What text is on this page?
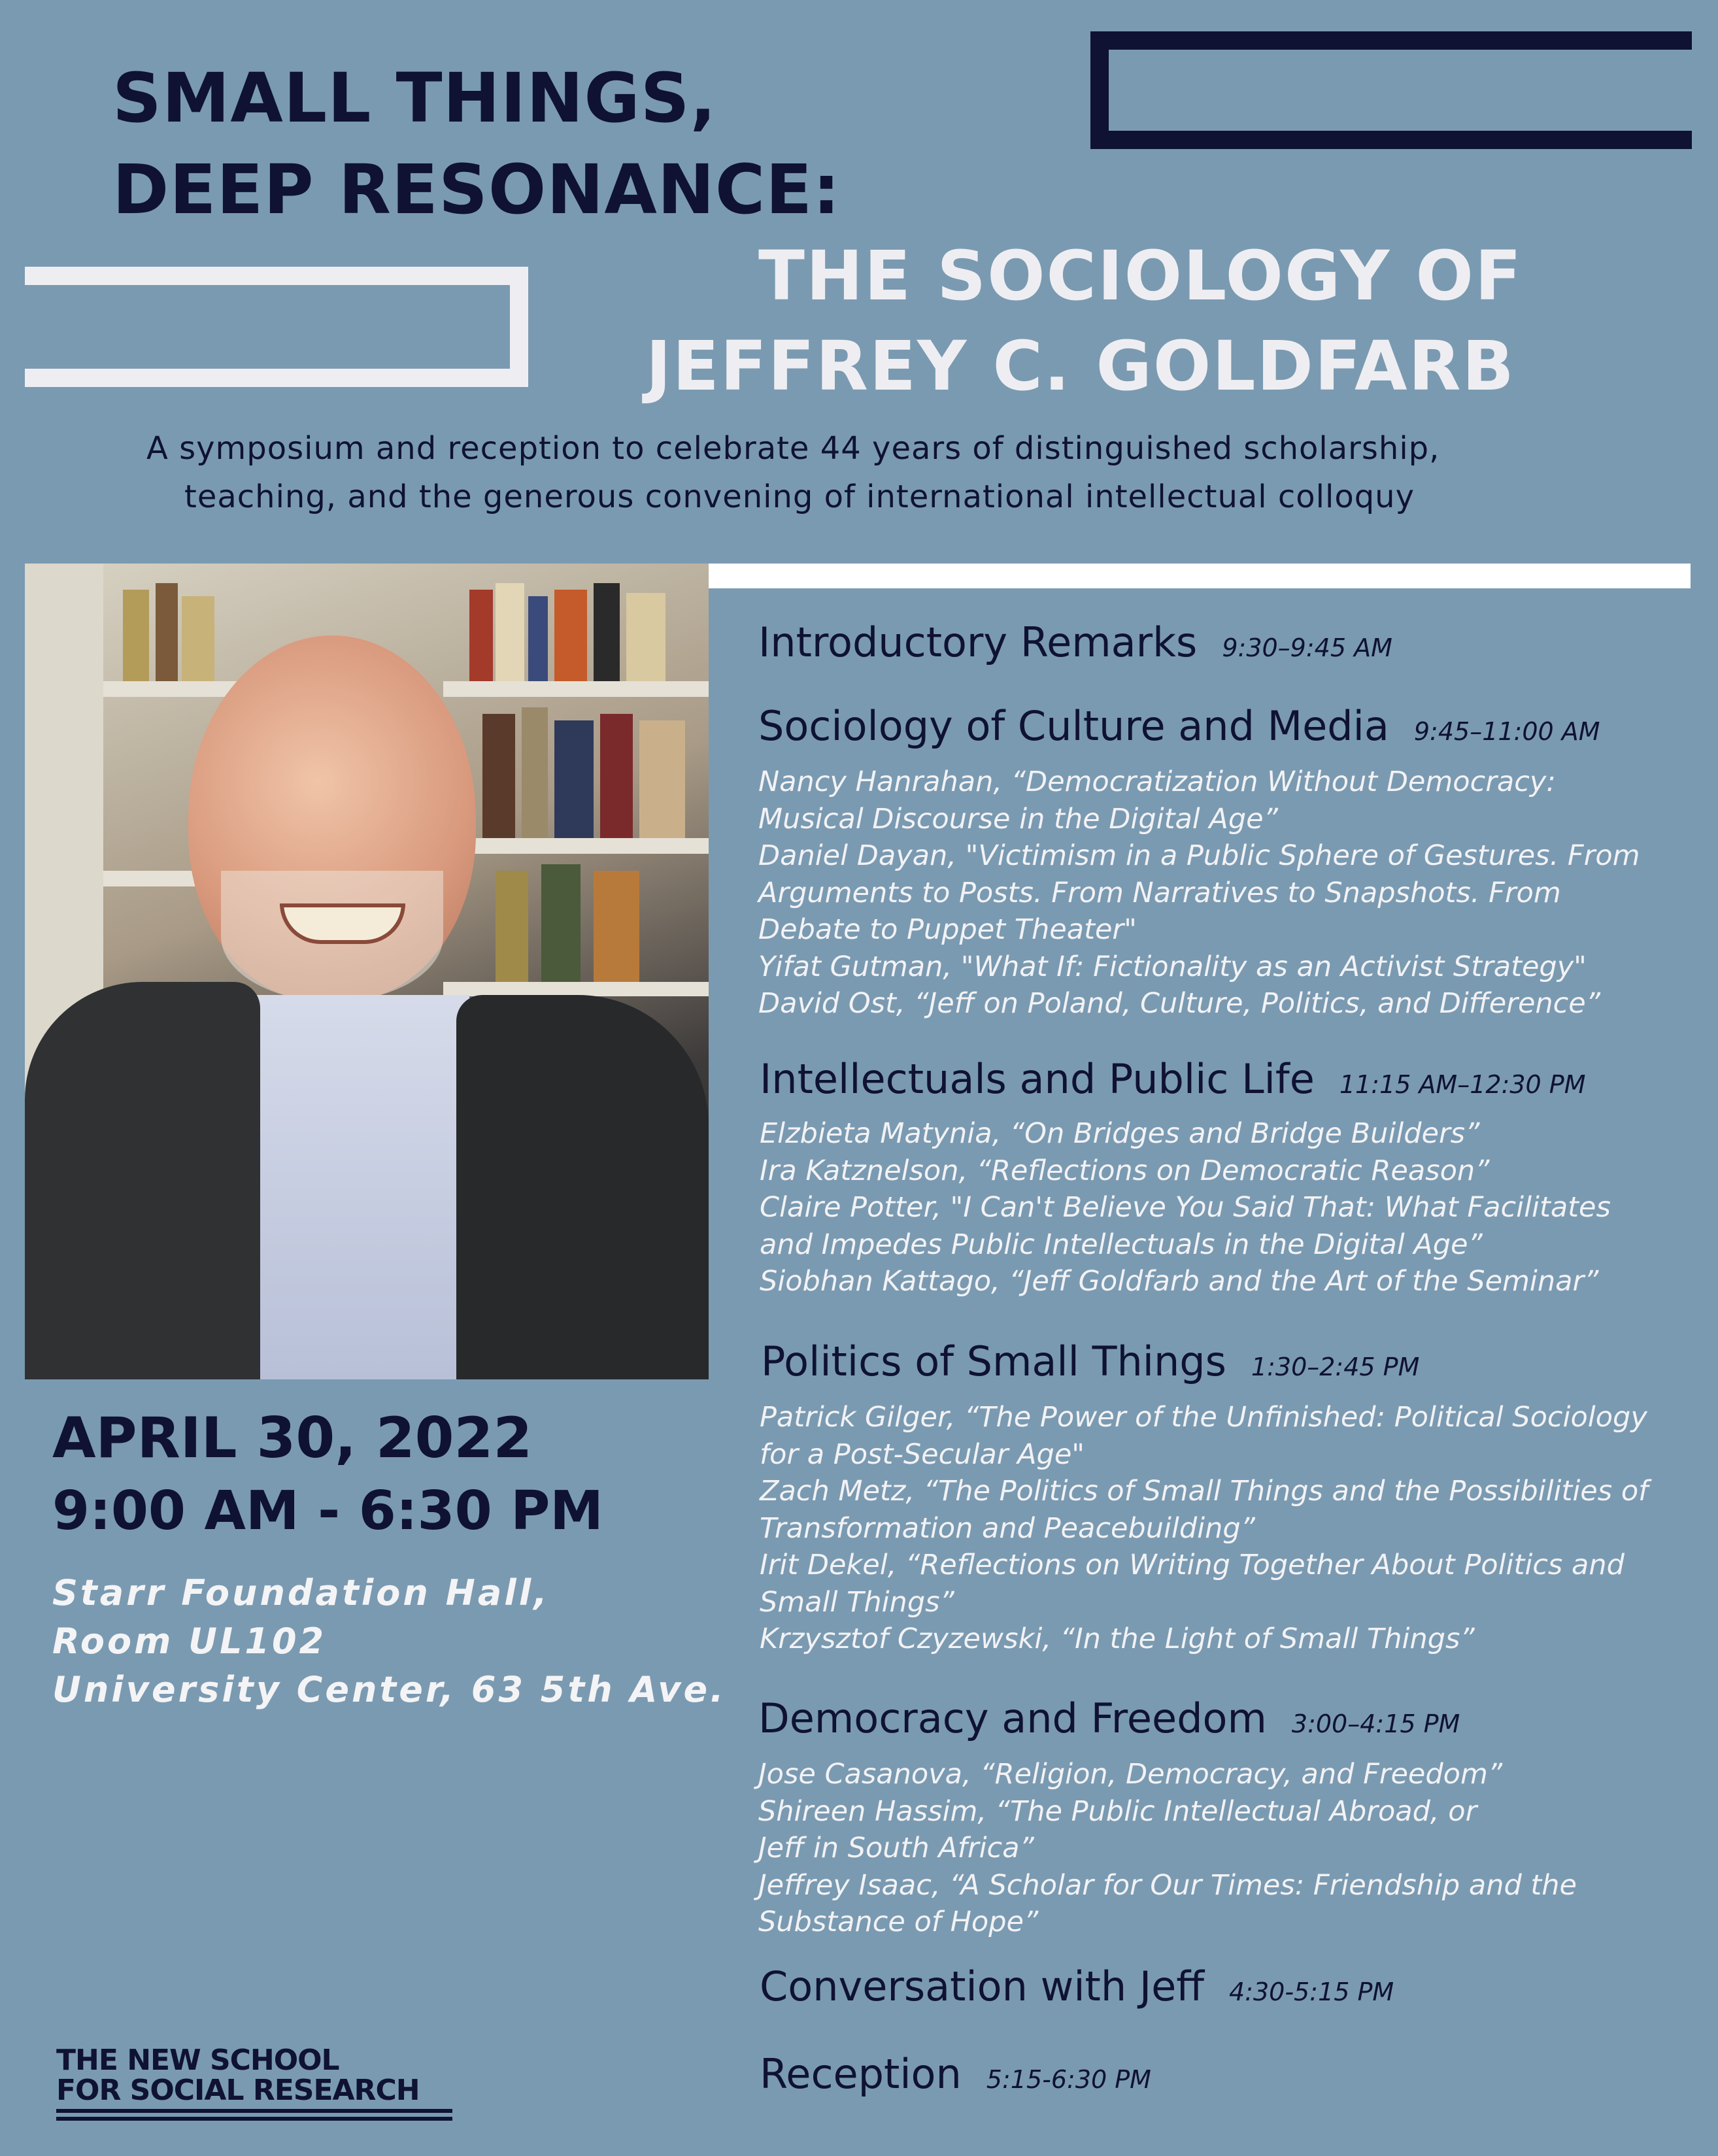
SMALL THINGS,
DEEP RESONANCE:
THE SOCIOLOGY OF
JEFFREY C. GOLDFARB
A symposium and reception to celebrate 44 years of distinguished scholarship,
teaching, and the generous convening of international intellectual colloquy
APRIL 30, 2022
9:00 AM - 6:30 PM
Starr Foundation Hall,
Room UL102
University Center, 63 5th Ave.
Introductory Remarks 9:30–9:45 AM
Sociology of Culture and Media 9:45–11:00 AM
Nancy Hanrahan, “Democratization Without Democracy:
Musical Discourse in the Digital Age”
Daniel Dayan, "Victimism in a Public Sphere of Gestures. From
Arguments to Posts. From Narratives to Snapshots. From
Debate to Puppet Theater"
Yifat Gutman, "What If: Fictionality as an Activist Strategy"
David Ost, “Jeff on Poland, Culture, Politics, and Difference”
Intellectuals and Public Life 11:15 AM–12:30 PM
Elzbieta Matynia, “On Bridges and Bridge Builders”
Ira Katznelson, “Reflections on Democratic Reason”
Claire Potter, "I Can't Believe You Said That: What Facilitates
and Impedes Public Intellectuals in the Digital Age”
Siobhan Kattago, “Jeff Goldfarb and the Art of the Seminar”
Politics of Small Things 1:30–2:45 PM
Patrick Gilger, “The Power of the Unfinished: Political Sociology
for a Post-Secular Age"
Zach Metz, “The Politics of Small Things and the Possibilities of
Transformation and Peacebuilding”
Irit Dekel, “Reflections on Writing Together About Politics and
Small Things”
Krzysztof Czyzewski, “In the Light of Small Things”
Democracy and Freedom 3:00–4:15 PM
Jose Casanova, “Religion, Democracy, and Freedom”
Shireen Hassim, “The Public Intellectual Abroad, or
Jeff in South Africa”
Jeffrey Isaac, “A Scholar for Our Times: Friendship and the
Substance of Hope”
Conversation with Jeff 4:30-5:15 PM
Reception 5:15-6:30 PM
THE NEW SCHOOL
FOR SOCIAL RESEARCH
